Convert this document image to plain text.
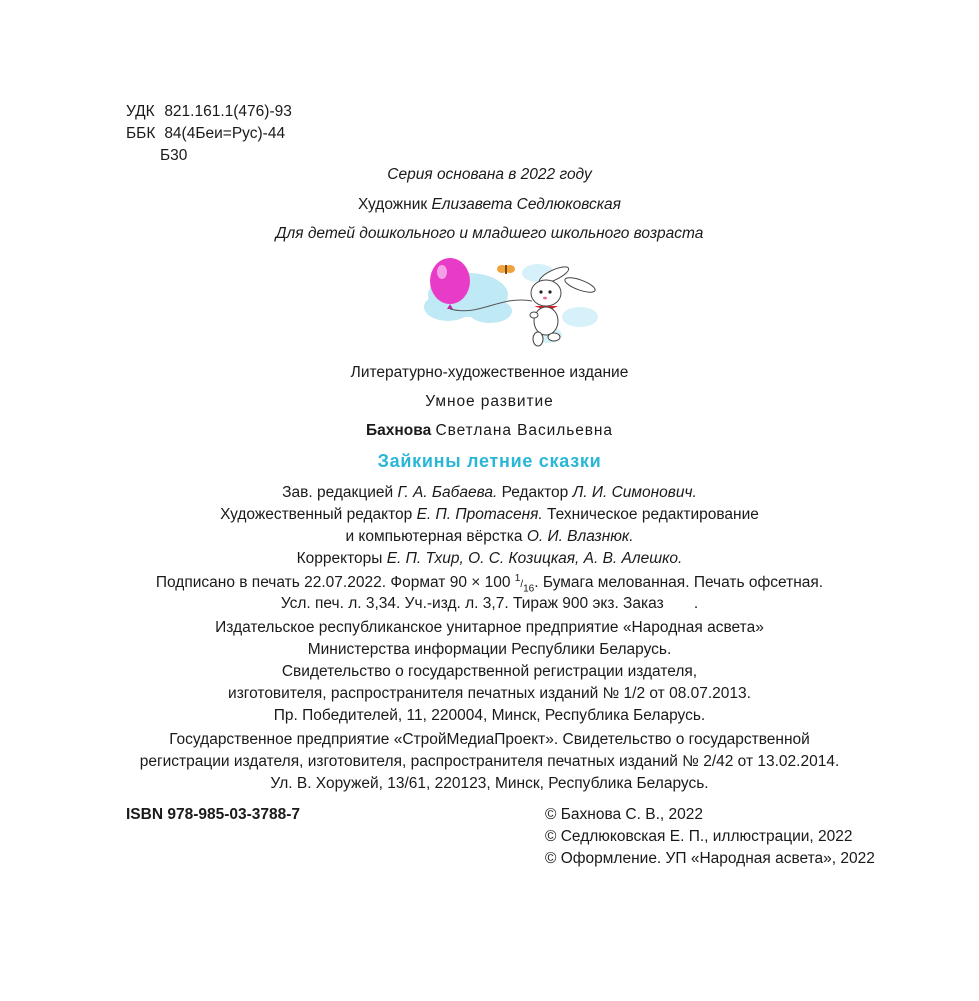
УДК 821.161.1(476)-93
ББК 84(4Беи=Рус)-44
Б30
Серия основана в 2022 году
Художник Елизавета Седлюковская
Для детей дошкольного и младшего школьного возраста
Литературно-художественное издание
Умное развитие
Бахнова Светлана Васильевна
Зайкины летние сказки
Зав. редакцией Г. А. Бабаева. Редактор Л. И. Симонович.
Художественный редактор Е. П. Протасеня. Техническое редактирование
и компьютерная вёрстка О. И. Влазнюк.
Корректоры Е. П. Тхир, О. С. Козицкая, А. В. Алешко.
Подписано в печать 22.07.2022. Формат 90 × 100 $^1/_{16}$. Бумага мелованная. Печать офсетная.
Усл. печ. л. 3,34. Уч.-изд. л. 3,7. Тираж 900 экз. Заказ       .
Издательское республиканское унитарное предприятие «Народная асвета»
Министерства информации Республики Беларусь.
Свидетельство о государственной регистрации издателя,
изготовителя, распространителя печатных изданий № 1/2 от 08.07.2013.
Пр. Победителей, 11, 220004, Минск, Республика Беларусь.
Государственное предприятие «СтройМедиаПроект». Свидетельство о государственной
регистрации издателя, изготовителя, распространителя печатных изданий № 2/42 от 13.02.2014.
Ул. В. Хоружей, 13/61, 220123, Минск, Республика Беларусь.
ISBN 978-985-03-3788-7	© Бахнова С. В., 2022
© Седлюковская Е. П., иллюстрации, 2022
© Оформление. УП «Народная асвета», 2022
